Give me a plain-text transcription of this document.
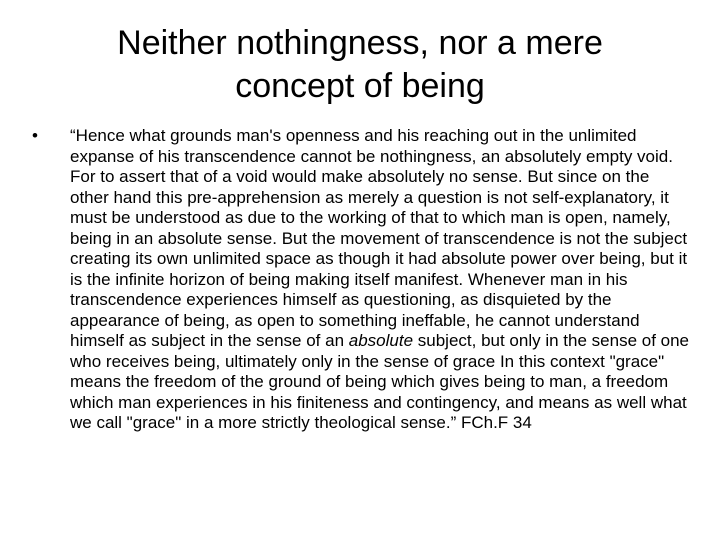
Neither nothingness, nor a mere
concept of being
•	“Hence what grounds man's openness and his reaching out in the unlimited expanse of his transcendence cannot be nothingness, an absolutely empty void. For to assert that of a void would make absolutely no sense. But since on the other hand this pre-apprehension as merely a question is not self-explanatory, it must be understood as due to the working of that to which man is open, namely, being in an absolute sense. But the movement of transcendence is not the subject creating its own unlimited space as though it had absolute power over being, but it is the infinite horizon of being making itself manifest. Whenever man in his transcendence experiences himself as questioning, as disquieted by the appearance of being, as open to something ineffable, he cannot understand himself as subject in the sense of an absolute subject, but only in the sense of one who receives being, ultimately only in the sense of grace In this context "grace" means the freedom of the ground of being which gives being to man, a freedom which man experiences in his finiteness and contingency, and means as well what we call "grace" in a more strictly theological sense.” FCh.F 34
